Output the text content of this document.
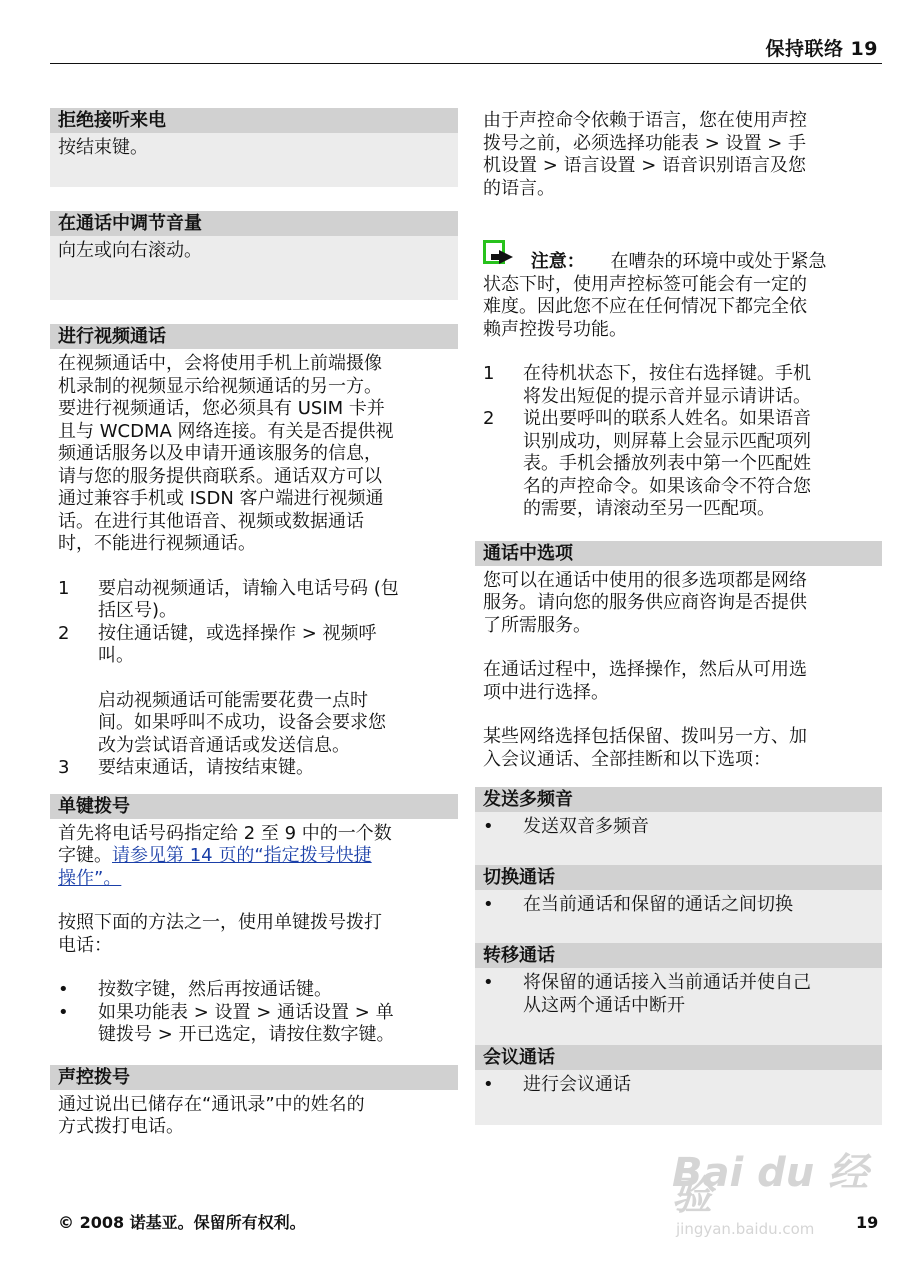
保持联络 19
拒绝接听来电

按结束键。

在通话中调节音量

向左或向右滚动。

进行视频通话

在视频通话中，会将使用手机上前端摄像

机录制的视频显示给视频通话的另一方。

要进行视频通话，您必须具有 USIM 卡并

且与 WCDMA 网络连接。有关是否提供视

频通话服务以及申请开通该服务的信息，

请与您的服务提供商联系。通话双方可以

通过兼容手机或 ISDN 客户端进行视频通

话。在进行其他语音、视频或数据通话

时，不能进行视频通话。

1 要启动视频通话，请输入电话号码 (包

括区号)。

2 按住通话键，或选择操作 > 视频呼

叫。

启动视频通话可能需要花费一点时

间。如果呼叫不成功，设备会要求您

改为尝试语音通话或发送信息。

3 要结束通话，请按结束键。

单键拨号

首先将电话号码指定给 2 至 9 中的一个数

字键。请参见第 14 页的“指定拨号快捷

操作”。

按照下面的方法之一，使用单键拨号拨打

电话：

• 按数字键，然后再按通话键。

• 如果功能表 > 设置 > 通话设置 > 单

键拨号 > 开已选定，请按住数字键。

声控拨号

通过说出已储存在“通讯录”中的姓名的

方式拨打电话。

由于声控命令依赖于语言，您在使用声控

拨号之前，必须选择功能表 > 设置 > 手

机设置 > 语言设置 > 语音识别语言及您

的语言。

注意： 在嘈杂的环境中或处于紧急

状态下时，使用声控标签可能会有一定的

难度。因此您不应在任何情况下都完全依

赖声控拨号功能。

1 在待机状态下，按住右选择键。手机

将发出短促的提示音并显示请讲话。

2 说出要呼叫的联系人姓名。如果语音

识别成功，则屏幕上会显示匹配项列

表。手机会播放列表中第一个匹配姓

名的声控命令。如果该命令不符合您

的需要，请滚动至另一匹配项。

通话中选项

您可以在通话中使用的很多选项都是网络

服务。请向您的服务供应商咨询是否提供

了所需服务。

在通话过程中，选择操作，然后从可用选

项中进行选择。

某些网络选择包括保留、拨叫另一方、加

入会议通话、全部挂断和以下选项：

发送多频音
• 发送双音多频音

切换通话
• 在当前通话和保留的通话之间切换

转移通话
• 将保留的通话接入当前通话并使自己

从这两个通话中断开

会议通话
• 进行会议通话

Bai du 经验
jingyan.baidu.com
© 2008 诺基亚。保留所有权利。	19
